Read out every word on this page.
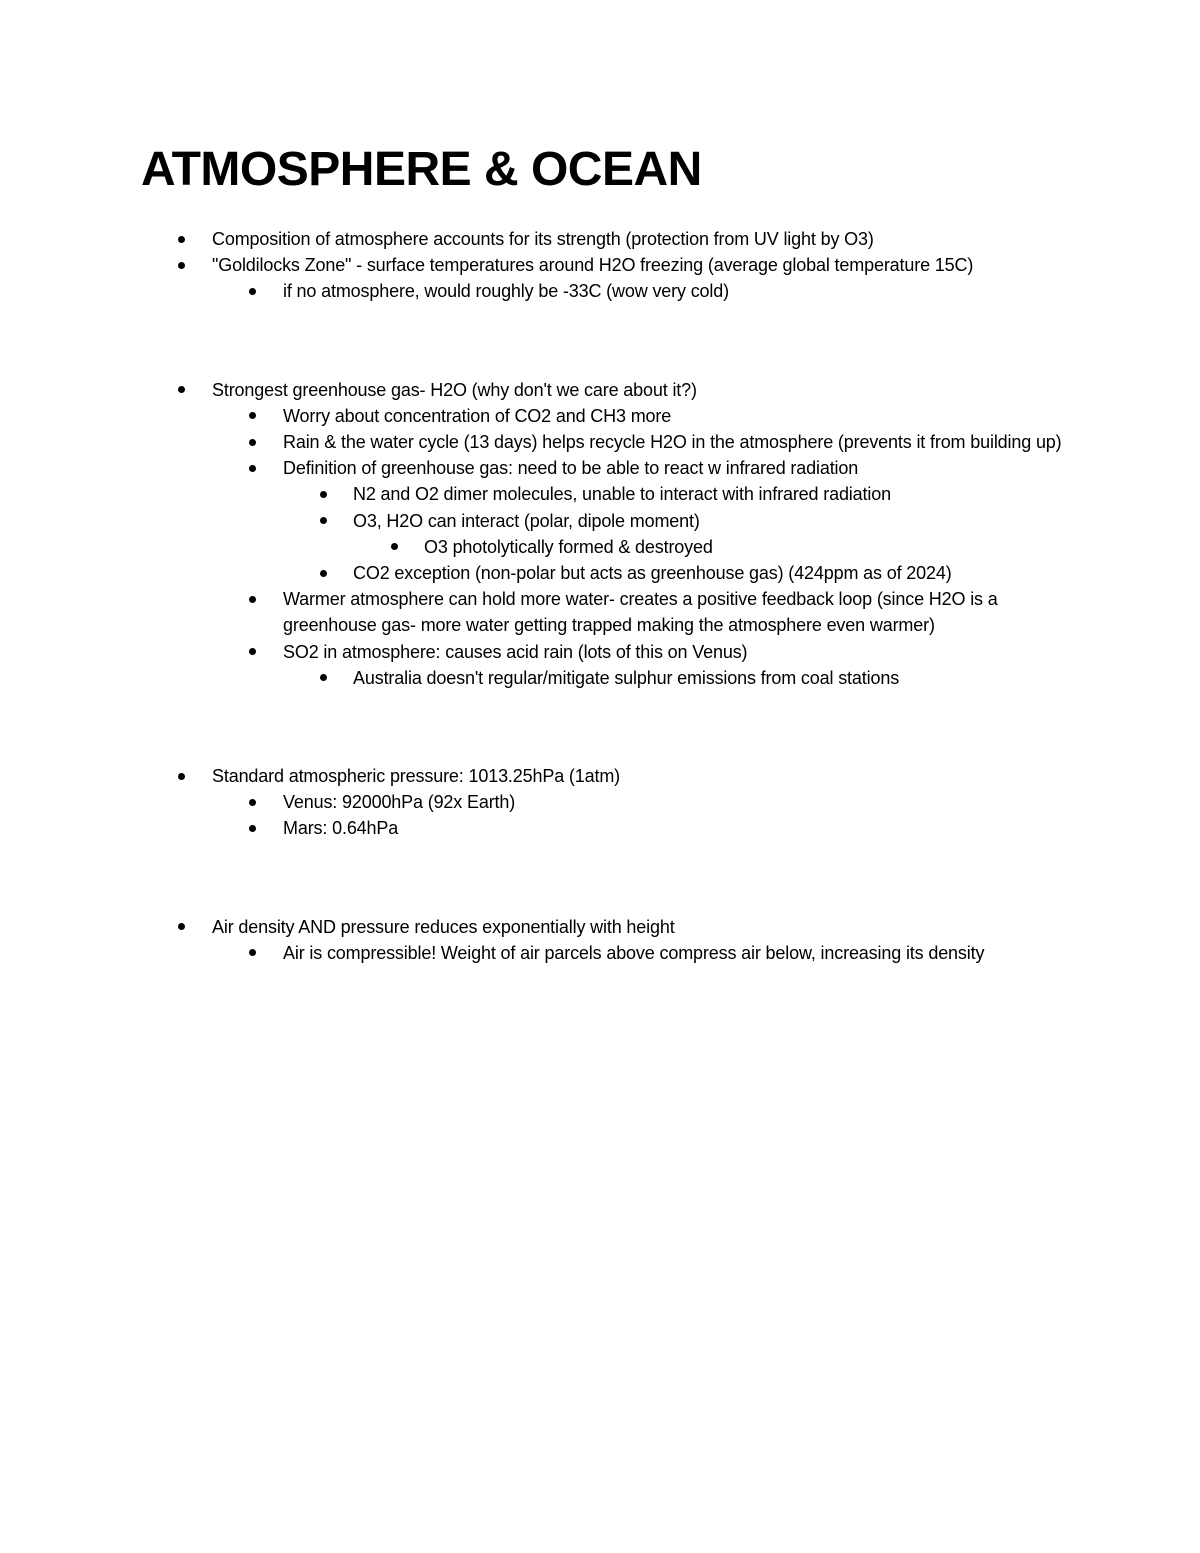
ATMOSPHERE & OCEAN
Composition of atmosphere accounts for its strength (protection from UV light by O3)
"Goldilocks Zone" - surface temperatures around H2O freezing (average global temperature 15C)
if no atmosphere, would roughly be -33C (wow very cold)
Strongest greenhouse gas- H2O (why don't we care about it?)
Worry about concentration of CO2 and CH3 more
Rain & the water cycle (13 days) helps recycle H2O in the atmosphere (prevents it from building up)
Definition of greenhouse gas: need to be able to react w infrared radiation
N2 and O2 dimer molecules, unable to interact with infrared radiation
O3, H2O can interact (polar, dipole moment)
O3 photolytically formed & destroyed
CO2 exception (non-polar but acts as greenhouse gas) (424ppm as of 2024)
Warmer atmosphere can hold more water- creates a positive feedback loop (since H2O is a greenhouse gas- more water getting trapped making the atmosphere even warmer)
SO2 in atmosphere: causes acid rain (lots of this on Venus)
Australia doesn't regular/mitigate sulphur emissions from coal stations
Standard atmospheric pressure: 1013.25hPa (1atm)
Venus: 92000hPa (92x Earth)
Mars: 0.64hPa
Air density AND pressure reduces exponentially with height
Air is compressible! Weight of air parcels above compress air below, increasing its density
